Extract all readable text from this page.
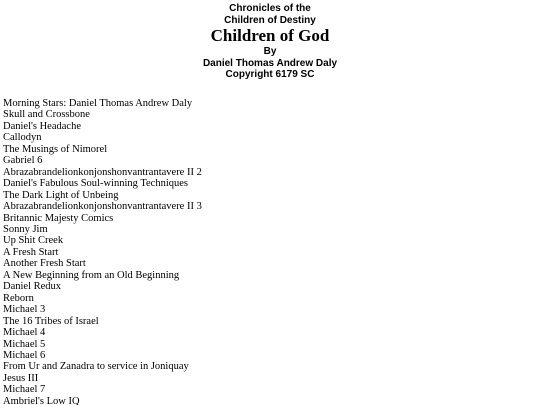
Chronicles of the
Children of Destiny
Children of God
By
Daniel Thomas Andrew Daly
Copyright 6179 SC
Morning Stars: Daniel Thomas Andrew Daly
Skull and Crossbone
Daniel's Headache
Callodyn
The Musings of Nimorel
Gabriel 6
Abrazabrandelionkonjonshonvantrantavere II 2
Daniel's Fabulous Soul-winning Techniques
The Dark Light of Unbeing
Abrazabrandelionkonjonshonvantrantavere II 3
Britannic Majesty Comics
Sonny Jim
Up Shit Creek
A Fresh Start
Another Fresh Start
A New Beginning from an Old Beginning
Daniel Redux
Reborn
Michael 3
The 16 Tribes of Israel
Michael 4
Michael 5
Michael 6
From Ur and Zanadra to service in Joniquay
Jesus III
Michael 7
Ambriel's Low IQ
